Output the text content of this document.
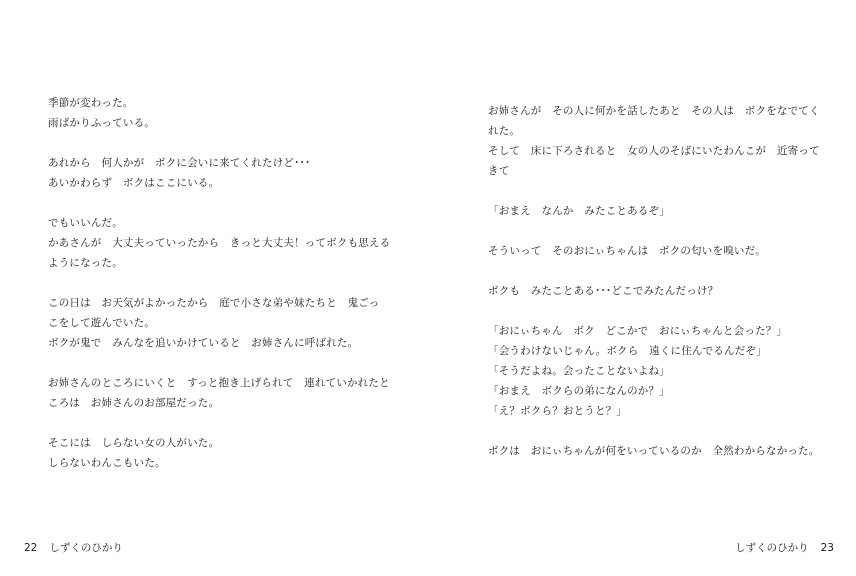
季節が変わった。
雨ばかりふっている。
あれから　何人かが　ボクに会いに来てくれたけど･･･
あいかわらず　ボクはここにいる。
でもいいんだ。
かあさんが　大丈夫っていったから　きっと大丈夫！ってボクも思える
ようになった。
この日は　お天気がよかったから　庭で小さな弟や妹たちと　鬼ごっ
こをして遊んでいた。
ボクが鬼で　みんなを追いかけていると　お姉さんに呼ばれた。
お姉さんのところにいくと　すっと抱き上げられて　連れていかれたと
ころは　お姉さんのお部屋だった。
そこには　しらない女の人がいた。
しらないわんこもいた。
22 しずくのひかり
お姉さんが　その人に何かを話したあと　その人は　ボクをなでてく
れた。
そして　床に下ろされると　女の人のそばにいたわんこが　近寄って
きて
「おまえ　なんか　みたことあるぞ」
そういって　そのおにぃちゃんは　ボクの匂いを嗅いだ。
ボクも　みたことある･･･どこでみたんだっけ？
「おにぃちゃん　ボク　どこかで　おにぃちゃんと会った？」
「会うわけないじゃん。ボクら　遠くに住んでるんだぞ」
「そうだよね。会ったことないよね」
「おまえ　ボクらの弟になんのか？」
「え？ボクら？おとうと？」
ボクは　おにぃちゃんが何をいっているのか　全然わからなかった。
しずくのひかり 23
